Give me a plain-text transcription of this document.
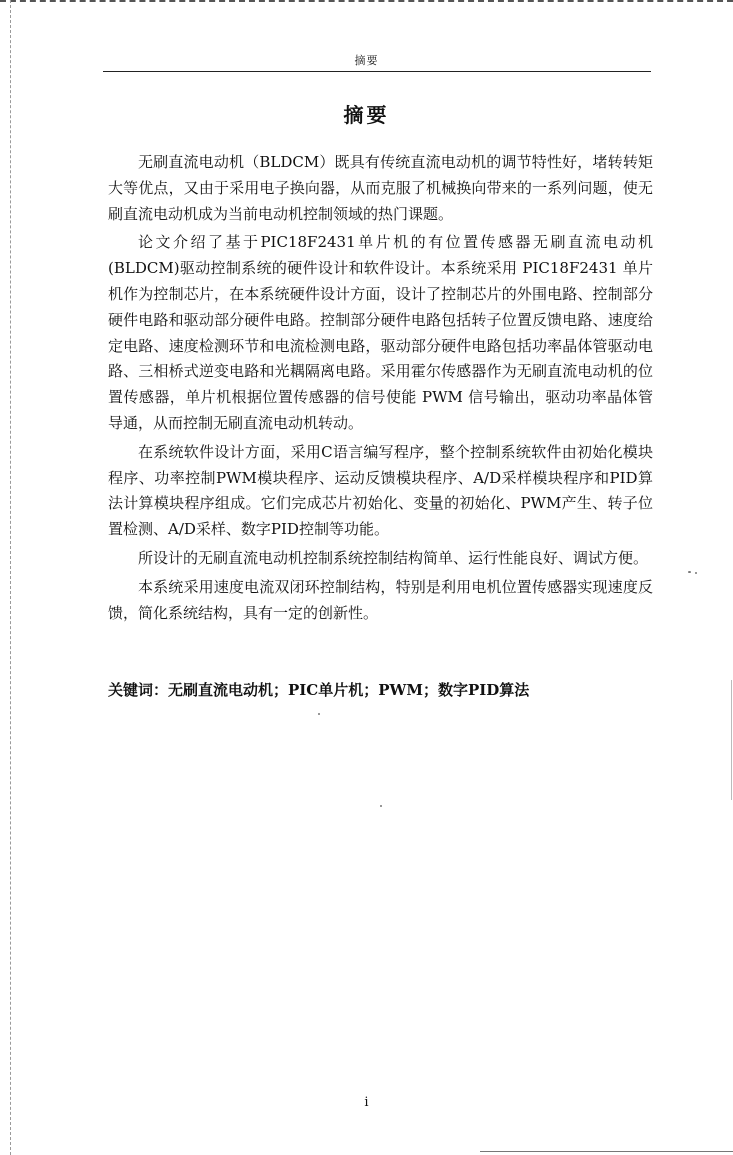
摘要
摘要

无刷直流电动机（BLDCM）既具有传统直流电动机的调节特性好，堵转转矩大等优点，又由于采用电子换向器，从而克服了机械换向带来的一系列问题，使无刷直流电动机成为当前电动机控制领域的热门课题。

论文介绍了基于PIC18F2431单片机的有位置传感器无刷直流电动机(BLDCM)驱动控制系统的硬件设计和软件设计。本系统采用 PIC18F2431 单片机作为控制芯片，在本系统硬件设计方面，设计了控制芯片的外围电路、控制部分硬件电路和驱动部分硬件电路。控制部分硬件电路包括转子位置反馈电路、速度给定电路、速度检测环节和电流检测电路，驱动部分硬件电路包括功率晶体管驱动电路、三相桥式逆变电路和光耦隔离电路。采用霍尔传感器作为无刷直流电动机的位置传感器，单片机根据位置传感器的信号使能 PWM 信号输出，驱动功率晶体管导通，从而控制无刷直流电动机转动。

在系统软件设计方面，采用C语言编写程序，整个控制系统软件由初始化模块程序、功率控制PWM模块程序、运动反馈模块程序、A/D采样模块程序和PID算法计算模块程序组成。它们完成芯片初始化、变量的初始化、PWM产生、转子位置检测、A/D采样、数字PID控制等功能。

所设计的无刷直流电动机控制系统控制结构简单、运行性能良好、调试方便。

本系统采用速度电流双闭环控制结构，特别是利用电机位置传感器实现速度反馈，简化系统结构，具有一定的创新性。

关键词：无刷直流电动机；PIC单片机；PWM；数字PID算法
i
